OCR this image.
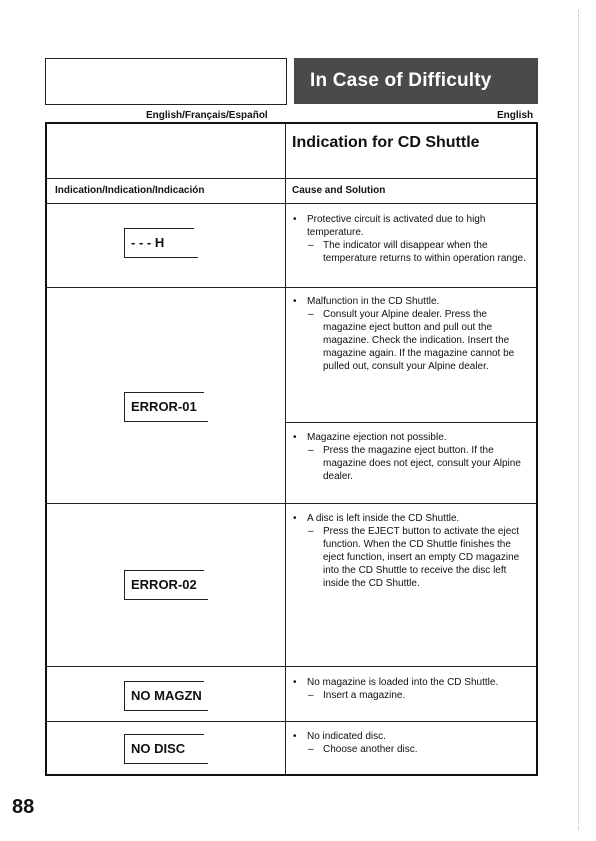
In Case of Difficulty
English/Français/Español	English
Indication for CD Shuttle
Indication/Indication/Indicación	Cause and Solution
- - - H
• Protective circuit is activated due to high temperature.
– The indicator will disappear when the temperature returns to within operation range.
ERROR-01
• Malfunction in the CD Shuttle.
– Consult your Alpine dealer. Press the magazine eject button and pull out the magazine. Check the indication. Insert the magazine again. If the magazine cannot be pulled out, consult your Alpine dealer.
• Magazine ejection not possible.
– Press the magazine eject button. If the magazine does not eject, consult your Alpine dealer.
ERROR-02
• A disc is left inside the CD Shuttle.
– Press the EJECT button to activate the eject function. When the CD Shuttle finishes the eject function, insert an empty CD magazine into the CD Shuttle to receive the disc left inside the CD Shuttle.
NO MAGZN
• No magazine is loaded into the CD Shuttle.
– Insert a magazine.
NO DISC
• No indicated disc.
– Choose another disc.
88
